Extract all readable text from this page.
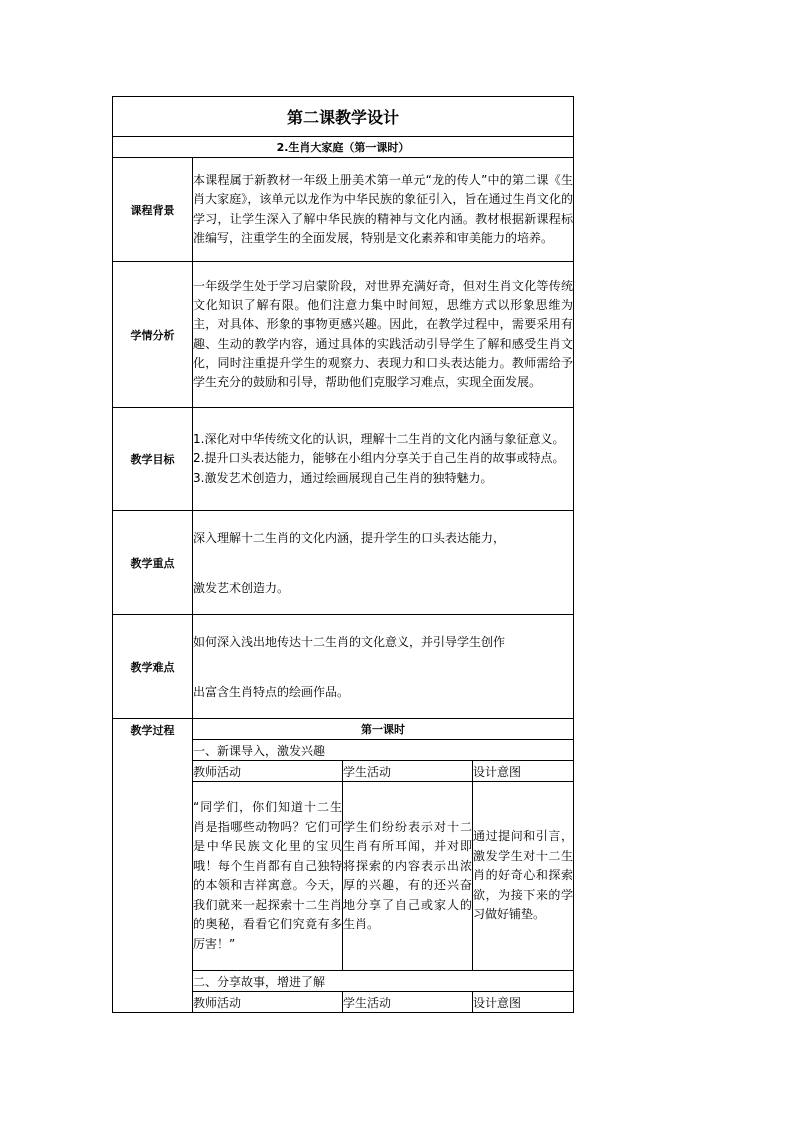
第二课教学设计			
2.生肖大家庭（第一课时）			
课程背景	本课程属于新教材一年级上册美术第一单元“龙的传人”中的第二课《生肖大家庭》，该单元以龙作为中华民族的象征引入，旨在通过生肖文化的学习，让学生深入了解中华民族的精神与文化内涵。教材根据新课程标准编写，注重学生的全面发展，特别是文化素养和审美能力的培养。		
学情分析	一年级学生处于学习启蒙阶段，对世界充满好奇，但对生肖文化等传统文化知识了解有限。他们注意力集中时间短，思维方式以形象思维为主，对具体、形象的事物更感兴趣。因此，在教学过程中，需要采用有趣、生动的教学内容，通过具体的实践活动引导学生了解和感受生肖文化，同时注重提升学生的观察力、表现力和口头表达能力。教师需给予学生充分的鼓励和引导，帮助他们克服学习难点，实现全面发展。		
教学目标	1.深化对中华传统文化的认识，理解十二生肖的文化内涵与象征意义。

2.提升口头表达能力，能够在小组内分享关于自己生肖的故事或特点。

3.激发艺术创造力，通过绘画展现自己生肖的独特魅力。		

教学重点	深入理解十二生肖的文化内涵，提升学生的口头表达能力，

激发艺术创造力。		

教学难点	如何深入浅出地传达十二生肖的文化意义，并引导学生创作

出富含生肖特点的绘画作品。		

教学过程	第一课时		
	一、新课导入，激发兴趣		
	教师活动	学生活动	设计意图
	“同学们，你们知道十二生肖是指哪些动物吗？它们可是中华民族文化里的宝贝哦！每个生肖都有自己独特的本领和吉祥寓意。今天，我们就来一起探索十二生肖的奥秘，看看它们究竟有多厉害！”	学生们纷纷表示对十二生肖有所耳闻，并对即将探索的内容表示出浓厚的兴趣，有的还兴奋地分享了自己或家人的生肖。	通过提问和引言，激发学生对十二生肖的好奇心和探索欲，为接下来的学习做好铺垫。
	二、分享故事，增进了解		
	教师活动	学生活动	设计意图
